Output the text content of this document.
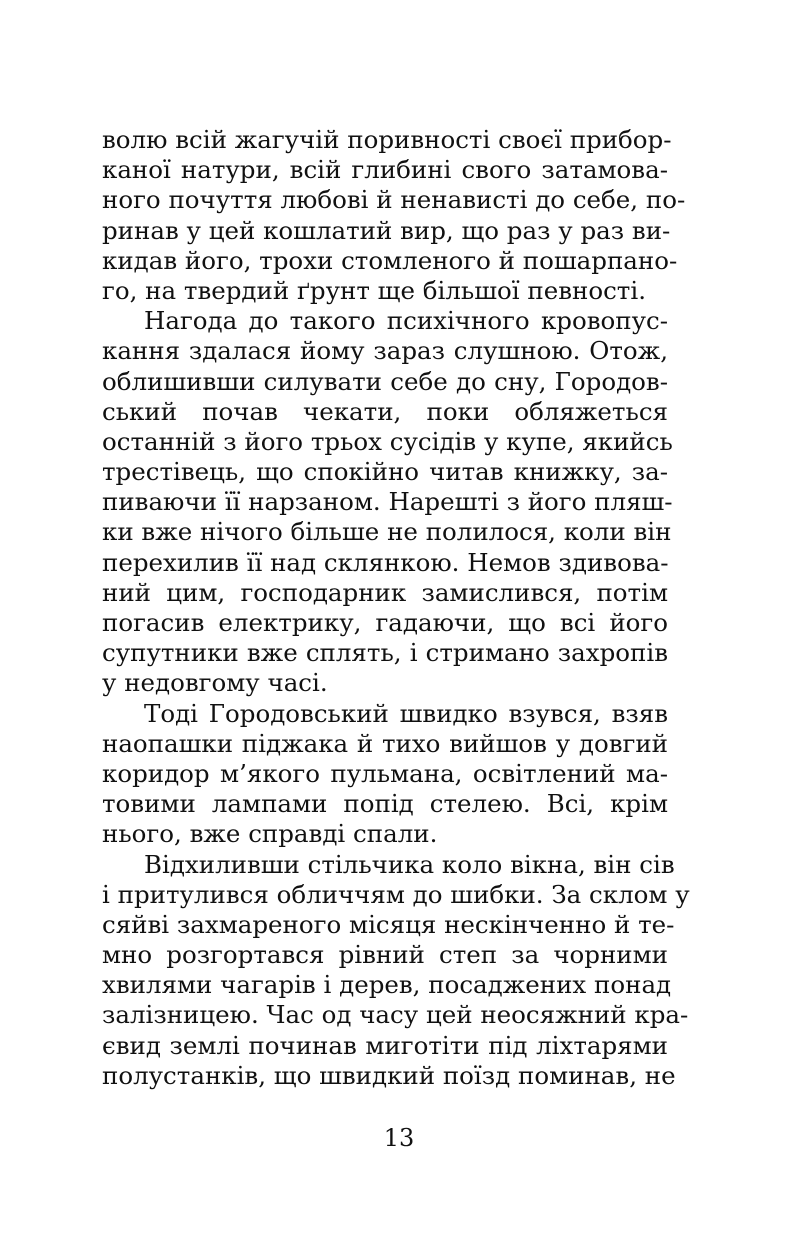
волю всій жагучій поривності своєї прибор-
каної натури, всій глибині свого затамова-
ного почуття любові й ненависті до себе, по-
ринав у цей кошлатий вир, що раз у раз ви-
кидав його, трохи стомленого й пошарпано-
го, на твердий ґрунт ще більшої певності.
Нагода до такого психічного кровопус-
кання здалася йому зараз слушною. Отож,
облишивши силувати себе до сну, Городов-
ський почав чекати, поки обляжеться
останній з його трьох сусідів у купе, якийсь
трестівець, що спокійно читав книжку, за-
пиваючи її нарзаном. Нарешті з його пляш-
ки вже нічого більше не полилося, коли він
перехилив її над склянкою. Немов здивова-
ний цим, господарник замислився, потім
погасив електрику, гадаючи, що всі його
супутники вже сплять, і стримано захропів
у недовгому часі.
Тоді Городовський швидко взувся, взяв
наопашки піджака й тихо вийшов у довгий
коридор м’якого пульмана, освітлений ма-
товими лампами попід стелею. Всі, крім
нього, вже справді спали.
Відхиливши стільчика коло вікна, він сів
і притулився обличчям до шибки. За склом у
сяйві захмареного місяця нескінченно й те-
мно розгортався рівний степ за чорними
хвилями чагарів і дерев, посаджених понад
залізницею. Час од часу цей неосяжний кра-
євид землі починав миготіти під ліхтарями
полустанків, що швидкий поїзд поминав, не
13
